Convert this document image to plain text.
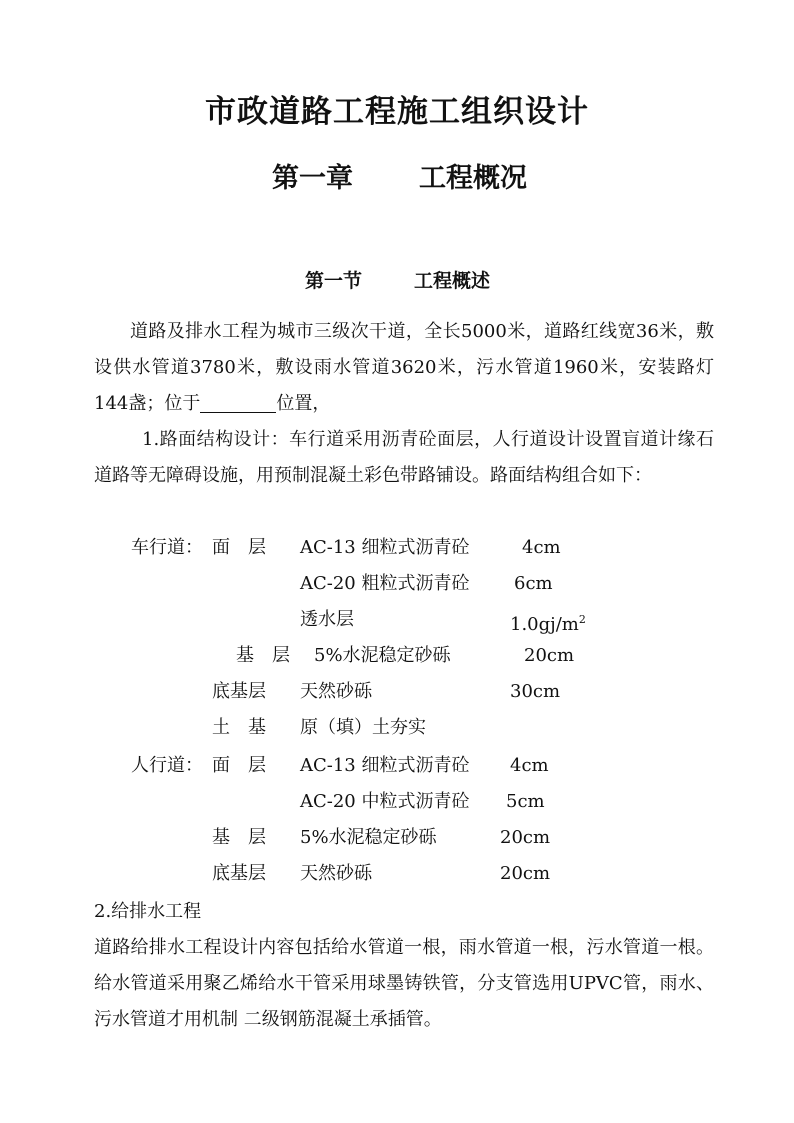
市政道路工程施工组织设计
第一章 工程概况
第一节	工程概述
道路及排水工程为城市三级次干道，全长5000米，道路红线宽36米，敷设供水管道3780米，敷设雨水管道3620米，污水管道1960米，安装路灯144盏；位于	位置，
1.路面结构设计：车行道采用沥青砼面层，人行道设计设置盲道计缘石道路等无障碍设施，用预制混凝土彩色带路铺设。路面结构组合如下：
车行道： 面　层 AC-13 细粒式沥青砼	4cm
AC-20 粗粒式沥青砼 6cm
透水层	$1.0gj/m^2$
基　层 5%水泥稳定砂砾	20cm
底基层 天然砂砾	30cm
土　基 原（填）土夯实
人行道： 面　层 AC-13 细粒式沥青砼 4cm
AC-20 中粒式沥青砼 5cm
基　层 5%水泥稳定砂砾	20cm
底基层 天然砂砾	20cm
2.给排水工程
道路给排水工程设计内容包括给水管道一根，雨水管道一根，污水管道一根。给水管道采用聚乙烯给水干管采用球墨铸铁管，分支管选用UPVC管，雨水、污水管道才用机制 二级钢筋混凝土承插管。
